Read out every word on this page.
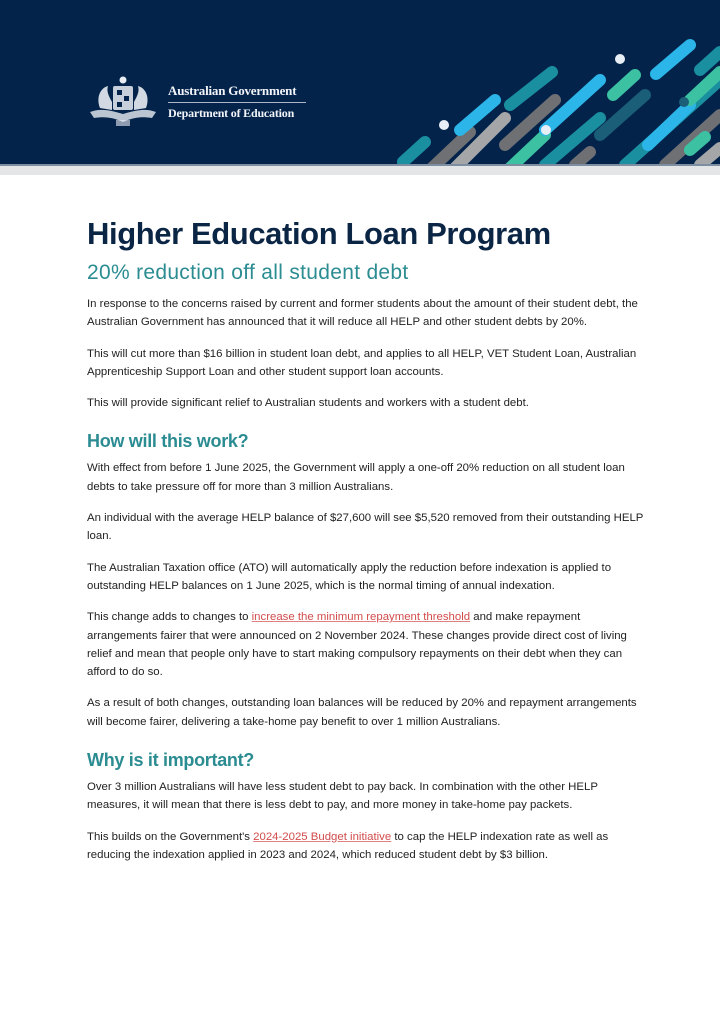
Australian Government
Department of Education
Higher Education Loan Program
20% reduction off all student debt

In response to the concerns raised by current and former students about the amount of their student debt, the Australian Government has announced that it will reduce all HELP and other student debts by 20%.

This will cut more than $16 billion in student loan debt, and applies to all HELP, VET Student Loan, Australian Apprenticeship Support Loan and other student support loan accounts.

This will provide significant relief to Australian students and workers with a student debt.

How will this work?

With effect from before 1 June 2025, the Government will apply a one-off 20% reduction on all student loan debts to take pressure off for more than 3 million Australians.

An individual with the average HELP balance of $27,600 will see $5,520 removed from their outstanding HELP loan.

The Australian Taxation office (ATO) will automatically apply the reduction before indexation is applied to outstanding HELP balances on 1 June 2025, which is the normal timing of annual indexation.

This change adds to changes to increase the minimum repayment threshold and make repayment arrangements fairer that were announced on 2 November 2024. These changes provide direct cost of living relief and mean that people only have to start making compulsory repayments on their debt when they can afford to do so.

As a result of both changes, outstanding loan balances will be reduced by 20% and repayment arrangements will become fairer, delivering a take-home pay benefit to over 1 million Australians.

Why is it important?

Over 3 million Australians will have less student debt to pay back. In combination with the other HELP measures, it will mean that there is less debt to pay, and more money in take-home pay packets.

This builds on the Government's 2024-2025 Budget initiative to cap the HELP indexation rate as well as reducing the indexation applied in 2023 and 2024, which reduced student debt by $3 billion.
